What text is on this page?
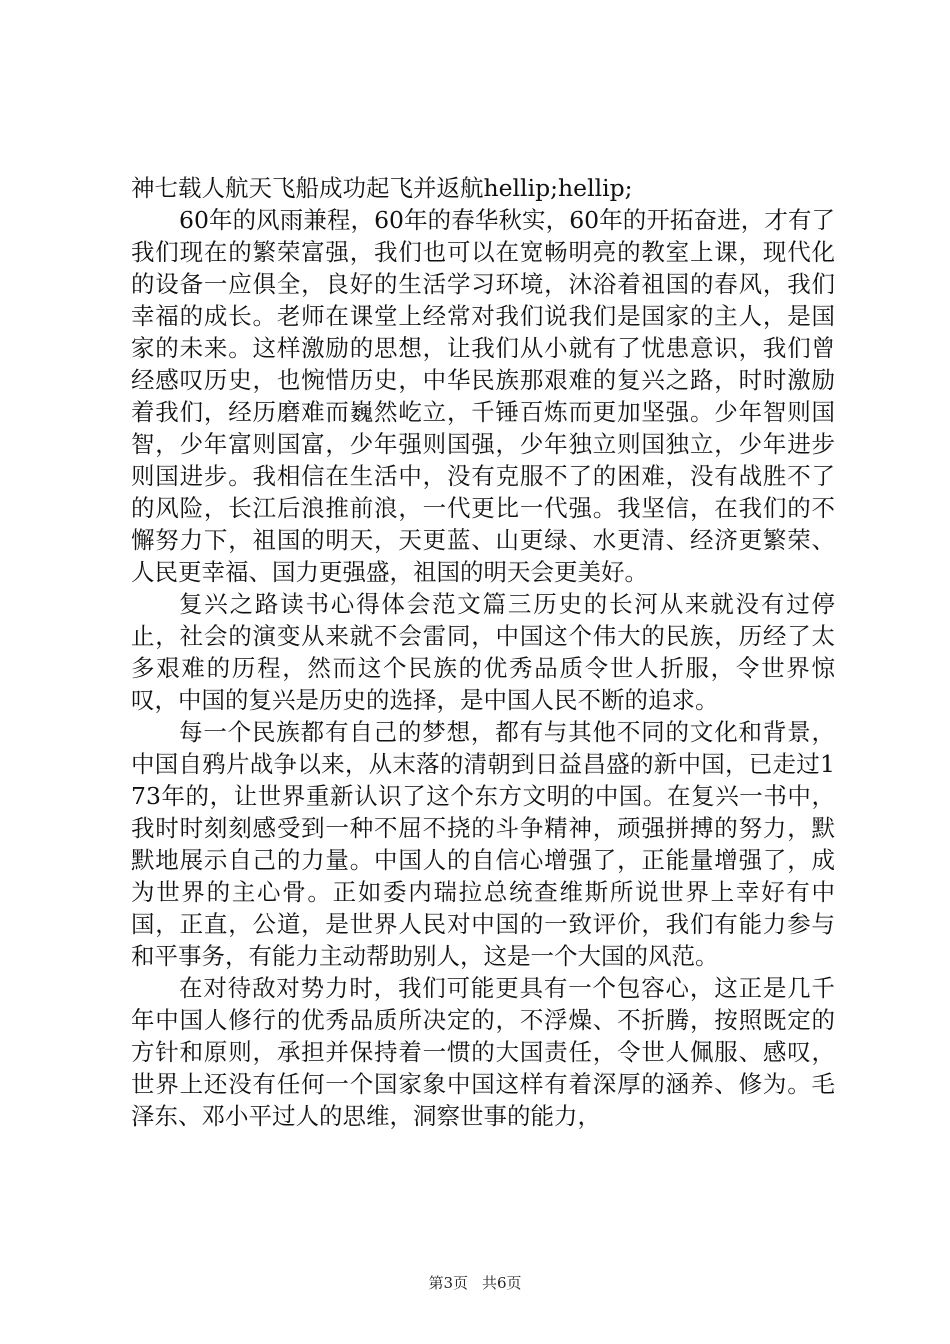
神七载人航天飞船成功起飞并返航hellip;hellip;

60年的风雨兼程，60年的春华秋实，60年的开拓奋进，才有了我们现在的繁荣富强，我们也可以在宽畅明亮的教室上课，现代化的设备一应俱全，良好的生活学习环境，沐浴着祖国的春风，我们幸福的成长。老师在课堂上经常对我们说我们是国家的主人，是国家的未来。这样激励的思想，让我们从小就有了忧患意识，我们曾经感叹历史，也惋惜历史，中华民族那艰难的复兴之路，时时激励着我们，经历磨难而巍然屹立，千锤百炼而更加坚强。少年智则国智，少年富则国富，少年强则国强，少年独立则国独立，少年进步则国进步。我相信在生活中，没有克服不了的困难，没有战胜不了的风险，长江后浪推前浪，一代更比一代强。我坚信，在我们的不懈努力下，祖国的明天，天更蓝、山更绿、水更清、经济更繁荣、人民更幸福、国力更强盛，祖国的明天会更美好。

复兴之路读书心得体会范文篇三历史的长河从来就没有过停止，社会的演变从来就不会雷同，中国这个伟大的民族，历经了太多艰难的历程，然而这个民族的优秀品质令世人折服，令世界惊叹，中国的复兴是历史的选择，是中国人民不断的追求。

每一个民族都有自己的梦想，都有与其他不同的文化和背景，中国自鸦片战争以来，从末落的清朝到日益昌盛的新中国，已走过173年的，让世界重新认识了这个东方文明的中国。在复兴一书中，我时时刻刻感受到一种不屈不挠的斗争精神，顽强拼搏的努力，默默地展示自己的力量。中国人的自信心增强了，正能量增强了，成为世界的主心骨。正如委内瑞拉总统查维斯所说世界上幸好有中国，正直，公道，是世界人民对中国的一致评价，我们有能力参与和平事务，有能力主动帮助别人，这是一个大国的风范。

在对待敌对势力时，我们可能更具有一个包容心，这正是几千年中国人修行的优秀品质所决定的，不浮燥、不折腾，按照既定的方针和原则，承担并保持着一惯的大国责任，令世人佩服、感叹，世界上还没有任何一个国家象中国这样有着深厚的涵养、修为。毛泽东、邓小平过人的思维，洞察世事的能力，

第3页 共6页
